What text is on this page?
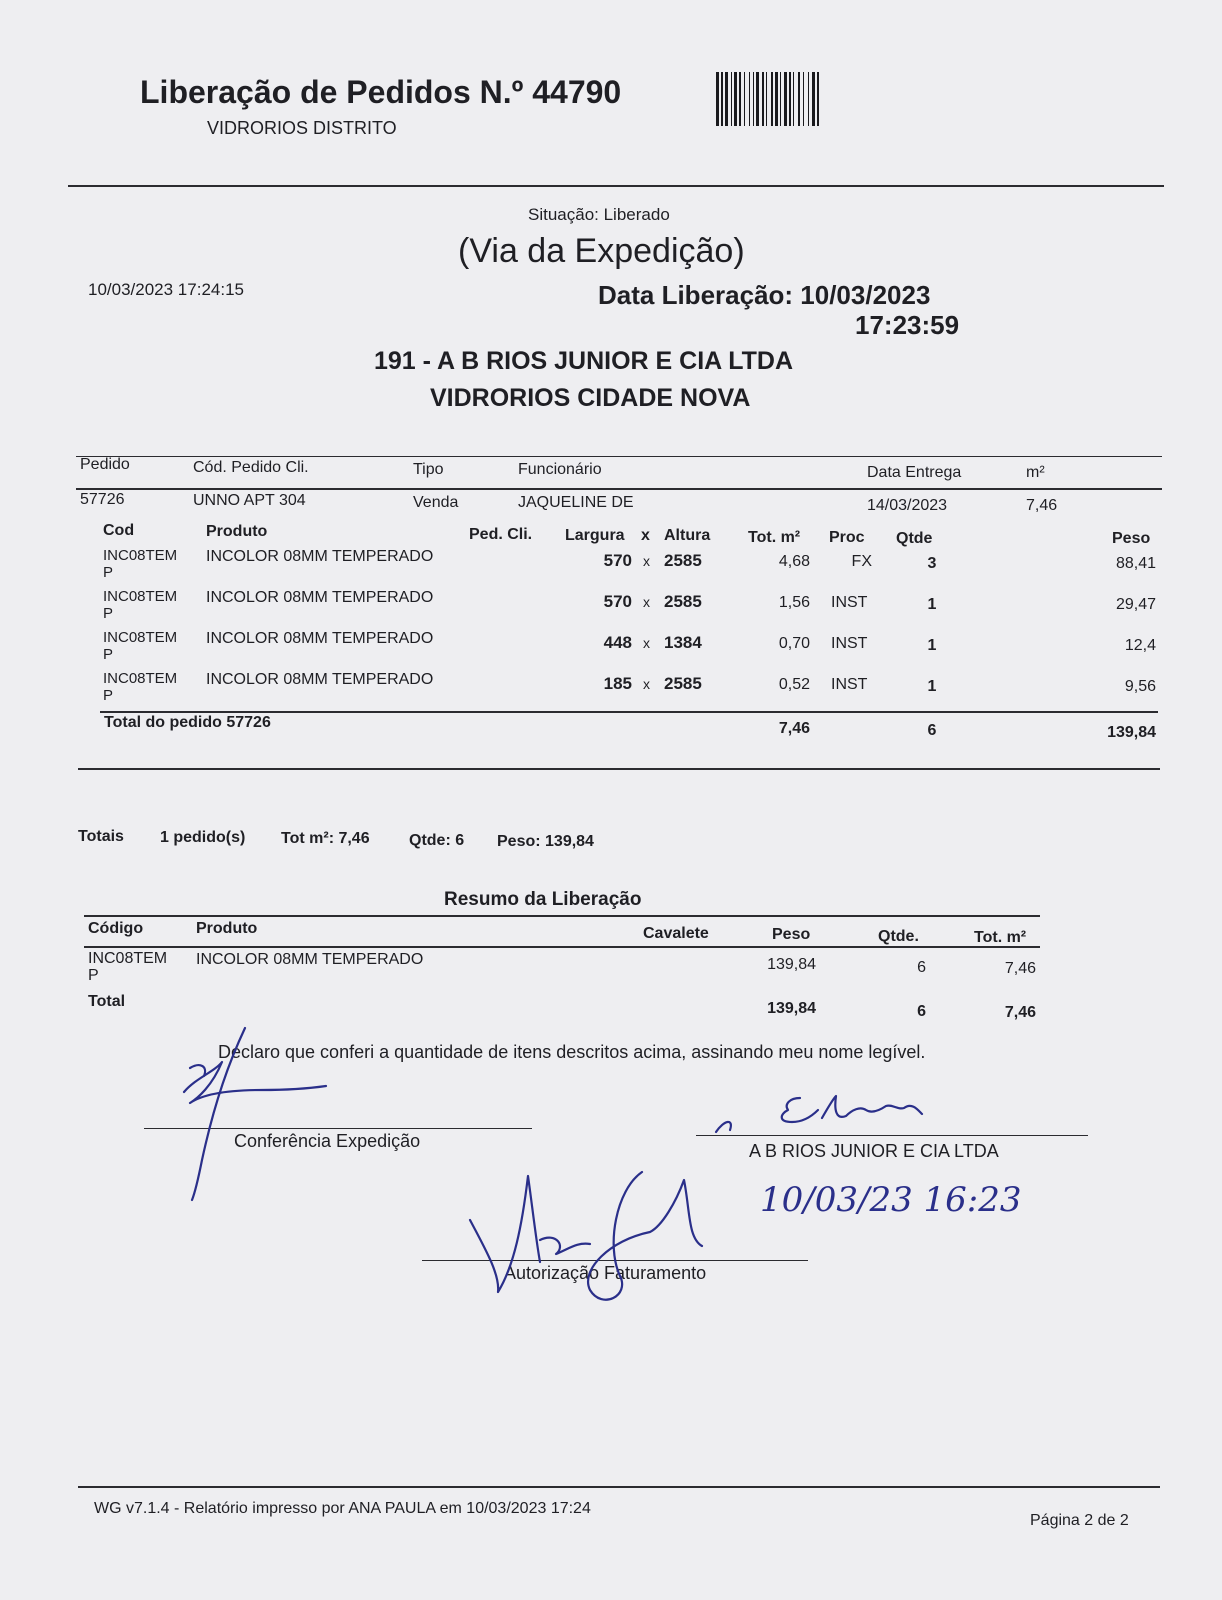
Liberação de Pedidos N.º 44790
VIDRORIOS DISTRITO
Situação: Liberado
(Via da Expedição)
10/03/2023 17:24:15	Data Liberação: 10/03/2023
17:23:59
191 - A B RIOS JUNIOR E CIA LTDA
VIDRORIOS CIDADE NOVA
Pedido	Cód. Pedido Cli.	Tipo	Funcionário	Data Entrega	m²
57726	UNNO APT 304	Venda	JAQUELINE DE	14/03/2023	7,46
Cod	Produto	Ped. Cli. Largura x Altura Tot. m² Proc Qtde	Peso
INC08TEM
P
INCOLOR 08MM TEMPERADO	570 x 2585	4,68	FX	3	88,41
INC08TEM
P
INCOLOR 08MM TEMPERADO	570 x 2585	1,56 INST	1	29,47
INC08TEM
P
INCOLOR 08MM TEMPERADO	448 x 1384	0,70 INST	1	12,4
INC08TEM
P
INCOLOR 08MM TEMPERADO	185 x 2585	0,52 INST	1	9,56
Total do pedido 57726	7,46	6	139,84
Totais 1 pedido(s) Tot m²: 7,46 Qtde: 6 Peso: 139,84
Resumo da Liberação
Código	Produto	Cavalete	Peso	Qtde.	Tot. m²
INC08TEM
P
INCOLOR 08MM TEMPERADO	139,84	6	7,46
Total	139,84	6	7,46
Declaro que conferi a quantidade de itens descritos acima, assinando meu nome legível.
Conferência Expedição	A B RIOS JUNIOR E CIA LTDA
10/03/23 16:23
Autorização Faturamento
WG v7.1.4 - Relatório impresso por ANA PAULA em 10/03/2023 17:24
Página 2 de 2
